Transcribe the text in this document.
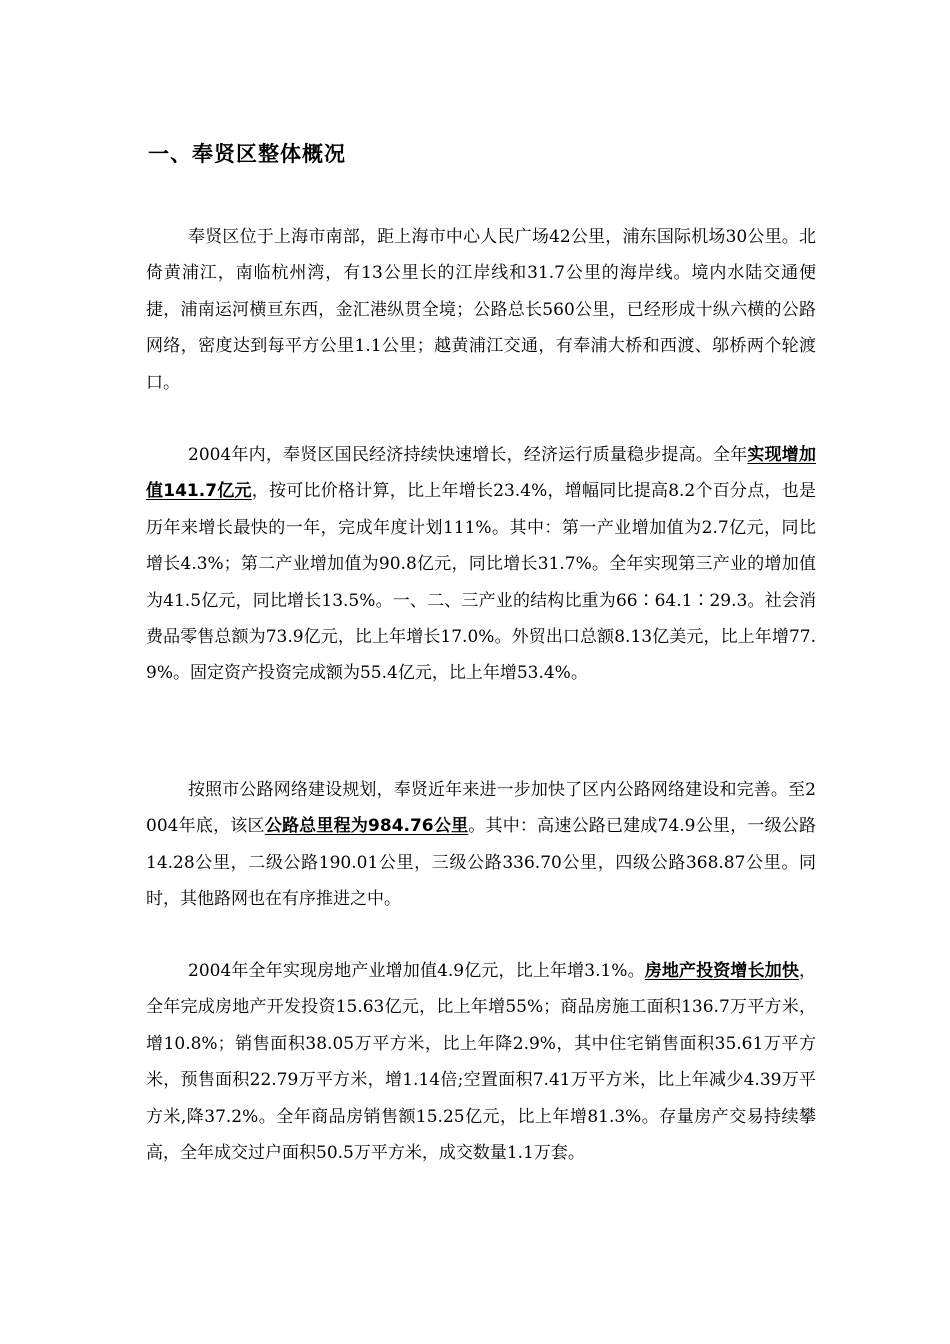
一、奉贤区整体概况

奉贤区位于上海市南部，距上海市中心人民广场42公里，浦东国际机场30公里。北倚黄浦江，南临杭州湾，有13公里长的江岸线和31.7公里的海岸线。境内水陆交通便捷，浦南运河横亘东西，金汇港纵贯全境；公路总长560公里，已经形成十纵六横的公路网络，密度达到每平方公里1.1公里；越黄浦江交通，有奉浦大桥和西渡、邬桥两个轮渡口。

2004年内，奉贤区国民经济持续快速增长，经济运行质量稳步提高。全年实现增加值141.7亿元，按可比价格计算，比上年增长23.4%，增幅同比提高8.2个百分点，也是历年来增长最快的一年，完成年度计划111%。其中：第一产业增加值为2.7亿元，同比增长4.3%；第二产业增加值为90.8亿元，同比增长31.7%。全年实现第三产业的增加值为41.5亿元，同比增长13.5%。一、二、三产业的结构比重为66∶64.1∶29.3。社会消费品零售总额为73.9亿元，比上年增长17.0%。外贸出口总额8.13亿美元，比上年增77.9%。固定资产投资完成额为55.4亿元，比上年增53.4%。

按照市公路网络建设规划，奉贤近年来进一步加快了区内公路网络建设和完善。至2004年底，该区公路总里程为984.76公里。其中：高速公路已建成74.9公里，一级公路14.28公里，二级公路190.01公里，三级公路336.70公里，四级公路368.87公里。同时，其他路网也在有序推进之中。

2004年全年实现房地产业增加值4.9亿元，比上年增3.1%。房地产投资增长加快，全年完成房地产开发投资15.63亿元，比上年增55%；商品房施工面积136.7万平方米，增10.8%；销售面积38.05万平方米，比上年降2.9%，其中住宅销售面积35.61万平方米，预售面积22.79万平方米，增1.14倍;空置面积7.41万平方米，比上年减少4.39万平方米,降37.2%。全年商品房销售额15.25亿元，比上年增81.3%。存量房产交易持续攀高，全年成交过户面积50.5万平方米，成交数量1.1万套。
